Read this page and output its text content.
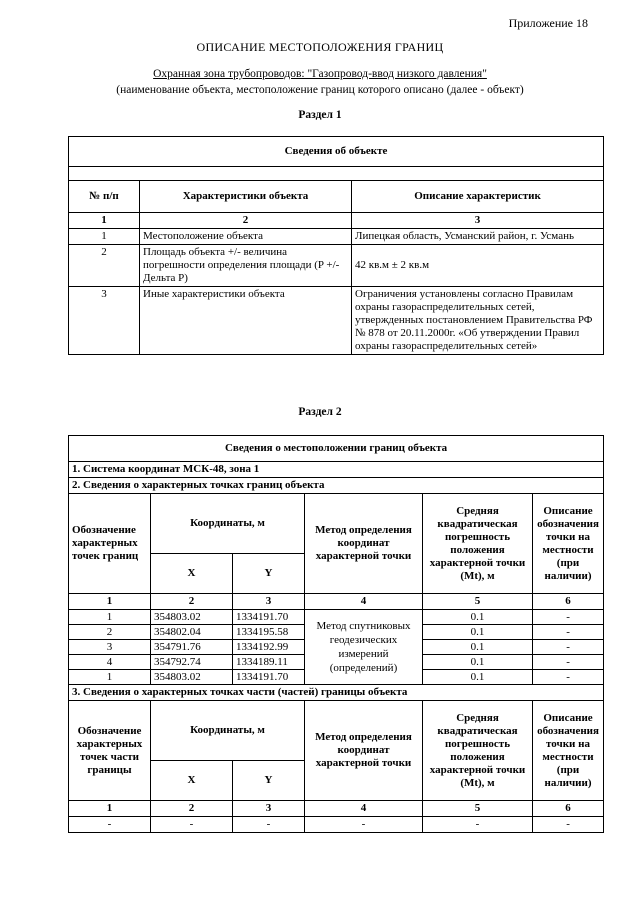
Приложение 18
ОПИСАНИЕ МЕСТОПОЛОЖЕНИЯ ГРАНИЦ
Охранная зона трубопроводов: "Газопровод-ввод низкого давления"
(наименование объекта, местоположение границ которого описано (далее - объект)
Раздел 1
Сведения об объекте		

№ п/п	Характеристики объекта	Описание характеристик
1	2	3
1	Местоположение объекта	Липецкая область, Усманский район, г. Усмань
2	Площадь объекта +/- величина погрешности определения площади (P +/- Дельта P)	42 кв.м ± 2 кв.м
3	Иные характеристики объекта	Ограничения установлены согласно Правилам охраны газораспределительных сетей, утвержденных постановлением Правительства РФ № 878 от 20.11.2000г. «Об утверждении Правил охраны газораспределительных сетей»
Раздел 2
Сведения о местоположении границ объекта					
1. Система координат МСК-48, зона 1					
2. Сведения о характерных точках границ объекта					
Обозначение характерных точек границ	Координаты, м		Метод определения координат характерной точки	Средняя квадратическая погрешность положения характерной точки (Мt), м	Описание обозначения точки на местности (при наличии)
	X	Y			
1	2	3	4	5	6
1	354803.02	1334191.70	Метод спутниковых геодезических измерений (определений)	0.1	-
2	354802.04	1334195.58		0.1	-
3	354791.76	1334192.99		0.1	-
4	354792.74	1334189.11		0.1	-
1	354803.02	1334191.70		0.1	-
3. Сведения о характерных точках части (частей) границы объекта					
Обозначение характерных точек части границы	Координаты, м		Метод определения координат характерной точки	Средняя квадратическая погрешность положения характерной точки (Мt), м	Описание обозначения точки на местности (при наличии)
	X	Y			
1	2	3	4	5	6
-	-	-	-	-	-
